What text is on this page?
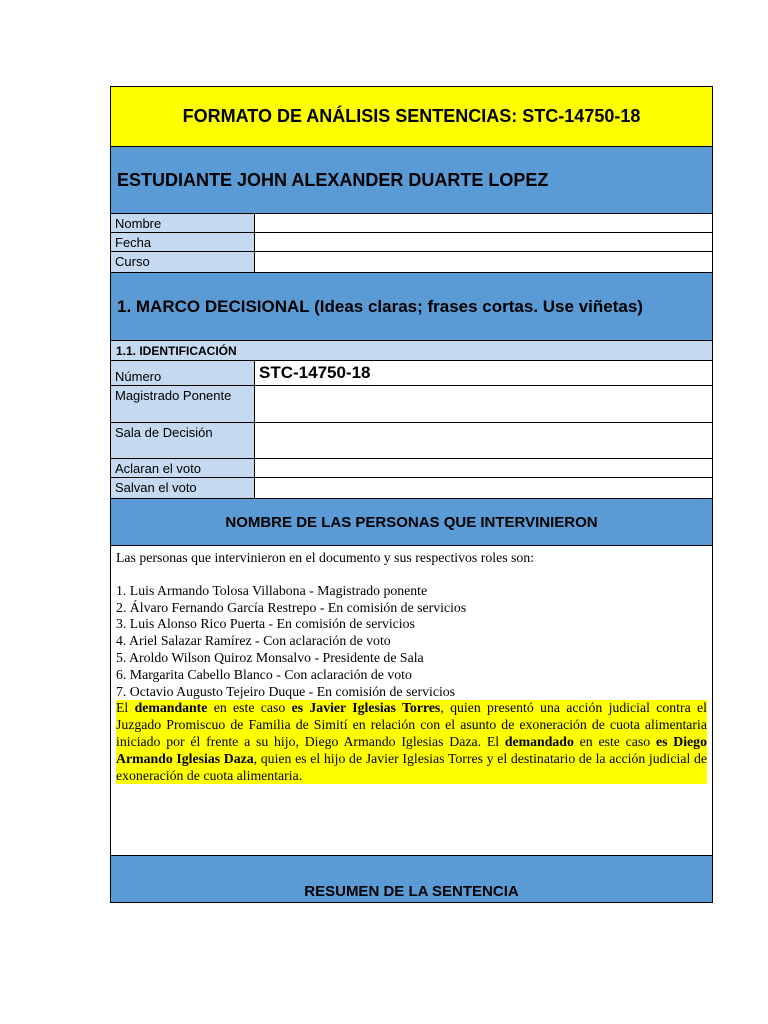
FORMATO DE ANÁLISIS SENTENCIAS: STC-14750-18
ESTUDIANTE JOHN ALEXANDER DUARTE LOPEZ
Nombre
Fecha
Curso
1. MARCO DECISIONAL (Ideas claras; frases cortas. Use viñetas)
1.1. IDENTIFICACIÓN
Número	STC-14750-18
Magistrado Ponente
Sala de Decisión
Aclaran el voto
Salvan el voto
NOMBRE DE LAS PERSONAS QUE INTERVINIERON

Las personas que intervinieron en el documento y sus respectivos roles son:

1. Luis Armando Tolosa Villabona - Magistrado ponente

2. Álvaro Fernando García Restrepo - En comisión de servicios

3. Luis Alonso Rico Puerta - En comisión de servicios

4. Ariel Salazar Ramírez - Con aclaración de voto

5. Aroldo Wilson Quiroz Monsalvo - Presidente de Sala

6. Margarita Cabello Blanco - Con aclaración de voto

7. Octavio Augusto Tejeiro Duque - En comisión de servicios

El demandante en este caso es Javier Iglesias Torres, quien presentó una acción judicial contra el Juzgado Promiscuo de Familia de Simití en relación con el asunto de exoneración de cuota alimentaria iniciado por él frente a su hijo, Diego Armando Iglesias Daza. El demandado en este caso es Diego Armando Iglesias Daza, quien es el hijo de Javier Iglesias Torres y el destinatario de la acción judicial de exoneración de cuota alimentaria.

RESUMEN DE LA SENTENCIA
